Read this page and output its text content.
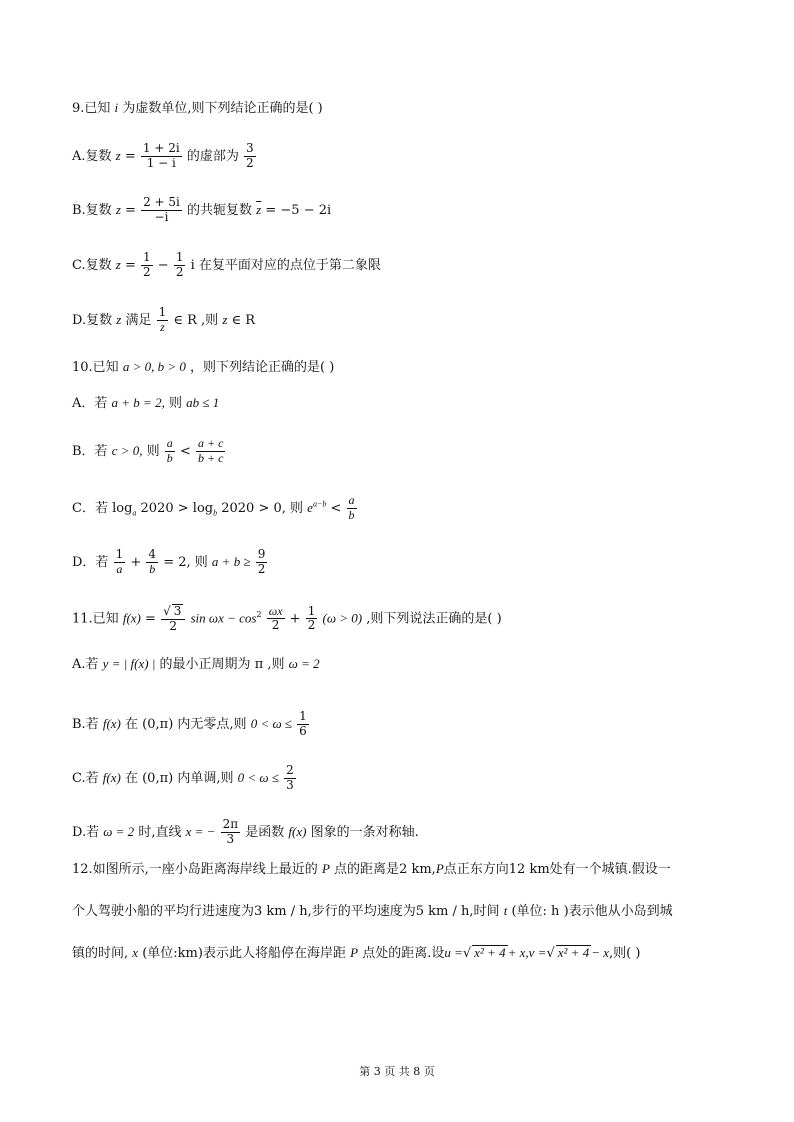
9.已知 i 为虚数单位,则下列结论正确的是( )
A.复数 $z = \frac{1 + 2i}{1 - i}$ 的虚部为 $\frac{3}{2}$
B.复数 $z = \frac{2 + 5i}{-i}$ 的共轭复数 $\overline{z} = -5 - 2i$
C.复数 $z = \frac{1}{2} - \frac{1}{2}$ i 在复平面对应的点位于第二象限
D.复数 z 满足 $\frac{1}{z}$ ∈ R ,则 z ∈ R
10.已知 a > 0, b > 0 ，则下列结论正确的是( )
A．若 a + b = 2, 则 ab ≤ 1
B．若 c > 0, 则 $\frac{a}{b} < \frac{a + c}{b + c}$
C．若 $\log_a 2020 > \log_b 2020 > 0$, 则 $e^{a-b} < \frac{a}{b}$
D．若 $\frac{1}{a} + \frac{4}{b} = 2$, 则 $a + b \ge \frac{9}{2}$
11.已知 $f(x) = \frac{√ 3}{2}$ $\sin \omega x - \cos^2 \frac{\omega x}{2} + \frac{1}{2} (\omega > 0)$ ,则下列说法正确的是( )
A.若 y = | f(x) | 的最小正周期为 π ,则 ω = 2
B.若 f(x) 在 (0,π) 内无零点,则 $0 < \omega \le \frac{1}{6}$
C.若 f(x) 在 (0,π) 内单调,则 $0 < \omega \le \frac{2}{3}$
D.若 ω = 2 时,直线 x = − $\frac{2\pi}{3}$ 是函数 f(x) 图象的一条对称轴.
12.如图所示,一座小岛距离海岸线上最近的 P 点的距离是2 km,P点正东方向12 km处有一个城镇.假设一
个人驾驶小船的平均行进速度为3 km / h,步行的平均速度为5 km / h,时间 t (单位: h )表示他从小岛到城
镇的时间, x (单位:km)表示此人将船停在海岸距 P 点处的距离.设u =√ x² + 4 + x,v =√ x² + 4 − x,则( )
第 3 页 共 8 页
